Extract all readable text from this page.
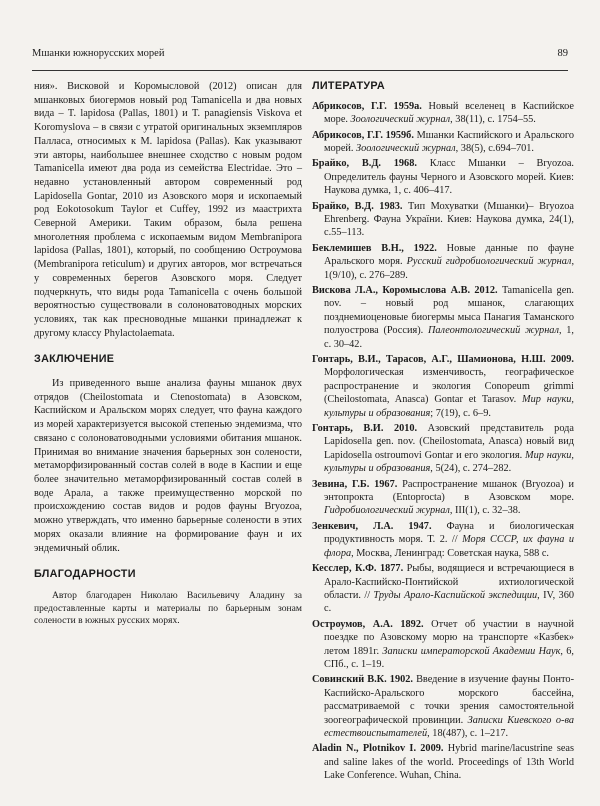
Мшанки южнорусских морей	89

ния». Висковой и Коромысловой (2012) описан для мшанковых биогермов новый род Tamanicella и два новых вида – T. lapidosa (Pallas, 1801) и T. panagiensis Viskova et Koromyslova – в связи с утратой оригинальных экземпляров Палласа, относимых к M. lapidosa (Pallas). Как указывают эти авторы, наибольшее внешнее сходство с новым родом Tamanicella имеют два рода из семейства Electridae. Это – недавно установленный автором современный род Lapidosella Gontar, 2010 из Азовского моря и ископаемый род Eokotosokum Taylor et Cuffey, 1992 из маастрихта Северной Америки. Таким образом, была решена многолетняя проблема с ископаемым видом Membranipora lapidosa (Pallas, 1801), который, по сообщению Остроумова (Membranipora reticulum) и других авторов, мог встречаться у современных берегов Азовского моря. Следует подчеркнуть, что виды рода Tamanicella с очень большой вероятностью существовали в солоноватоводных морских условиях, так как пресноводные мшанки принадлежат к другому классу Phylactolaemata.

ЗАКЛЮЧЕНИЕ

Из приведенного выше анализа фауны мшанок двух отрядов (Cheilostomata и Ctenostomata) в Азовском, Каспийском и Аральском морях следует, что фауна каждого из морей характеризуется высокой степенью эндемизма, что связано с солоноватоводными условиями обитания мшанок. Принимая во внимание значения барьерных зон солености, метаморфизированный состав солей в воде в Каспии и еще более значительно метаморфизированный состав солей в воде Арала, а также преимущественно морской по происхождению состав видов и родов фауны Bryozoa, можно утверждать, что именно барьерные солености в этих морях оказали влияние на формирование фаун и их эндемичный облик.

БЛАГОДАРНОСТИ

Автор благодарен Николаю Васильевичу Аладину за предоставленные карты и материалы по барьерным зонам солености в южных русских морях.

ЛИТЕРАТУРА

Абрикосов, Г.Г. 1959а. Новый вселенец в Каспийское море. Зоологический журнал, 38(11), с. 1754–55.

Абрикосов, Г.Г. 1959б. Мшанки Каспийского и Аральского морей. Зоологический журнал, 38(5), с.694–701.

Брайко, В.Д. 1968. Класс Мшанки – Bryozoa. Определитель фауны Черного и Азовского морей. Киев: Наукова думка, 1, с. 406–417.

Брайко, В.Д. 1983. Тип Мохуватки (Мшанки)– Bryozoa Ehrenberg. Фауна України. Киев: Наукова думка, 24(1), с.55–113.

Беклемишев В.Н., 1922. Новые данные по фауне Аральского моря. Русский гидробиологический журнал, 1(9/10), с. 276–289.

Вискова Л.А., Коромыслова А.В. 2012. Tamanicella gen. nov. – новый род мшанок, слагающих позднемиоценовые биогермы мыса Панагия Таманского полуострова (Россия). Палеонтологический журнал, 1, с. 30–42.

Гонтарь, В.И., Тарасов, А.Г., Шамионова, Н.Ш. 2009. Морфологическая изменчивость, географическое распространение и экология Conopeum grimmi (Cheilostomata, Anasca) Gontar et Tarasov. Мир науки, культуры и образования; 7(19), с. 6–9.

Гонтарь, В.И. 2010. Азовский представитель рода Lapidosella gen. nov. (Cheilostomata, Anasca) новый вид Lapidosella ostroumovi Gontar и его экология. Мир науки, культуры и образования, 5(24), с. 274–282.

Зевина, Г.Б. 1967. Распространение мшанок (Bryozoa) и энтопрокта (Entoprocta) в Азовском море. Гидробиологический журнал, III(1), с. 32–38.

Зенкевич, Л.А. 1947. Фауна и биологическая продуктивность моря. Т. 2. // Моря СССР, их фауна и флора, Москва, Ленинград: Советская наука, 588 с.

Кесслер, К.Ф. 1877. Рыбы, водящиеся и встречающиеся в Арало-Каспийско-Понтийской ихтиологической области. // Труды Арало-Каспийской экспедиции, IV, 360 с.

Остроумов, А.А. 1892. Отчет об участии в научной поездке по Азовскому морю на транспорте «Казбек» летом 1891г. Записки императорской Академии Наук, 6, СПб., с. 1–19.

Совинский В.К. 1902. Введение в изучение фауны Понто-Каспийско-Аральского морского бассейна, рассматриваемой с точки зрения самостоятельной зоогеографической провинции. Записки Киевского о-ва естествоиспытателей, 18(487), с. 1–217.

Aladin N., Plotnikov I. 2009. Hybrid marine/lacustrine seas and saline lakes of the world. Proceedings of 13th World Lake Conference. Wuhan, China.
